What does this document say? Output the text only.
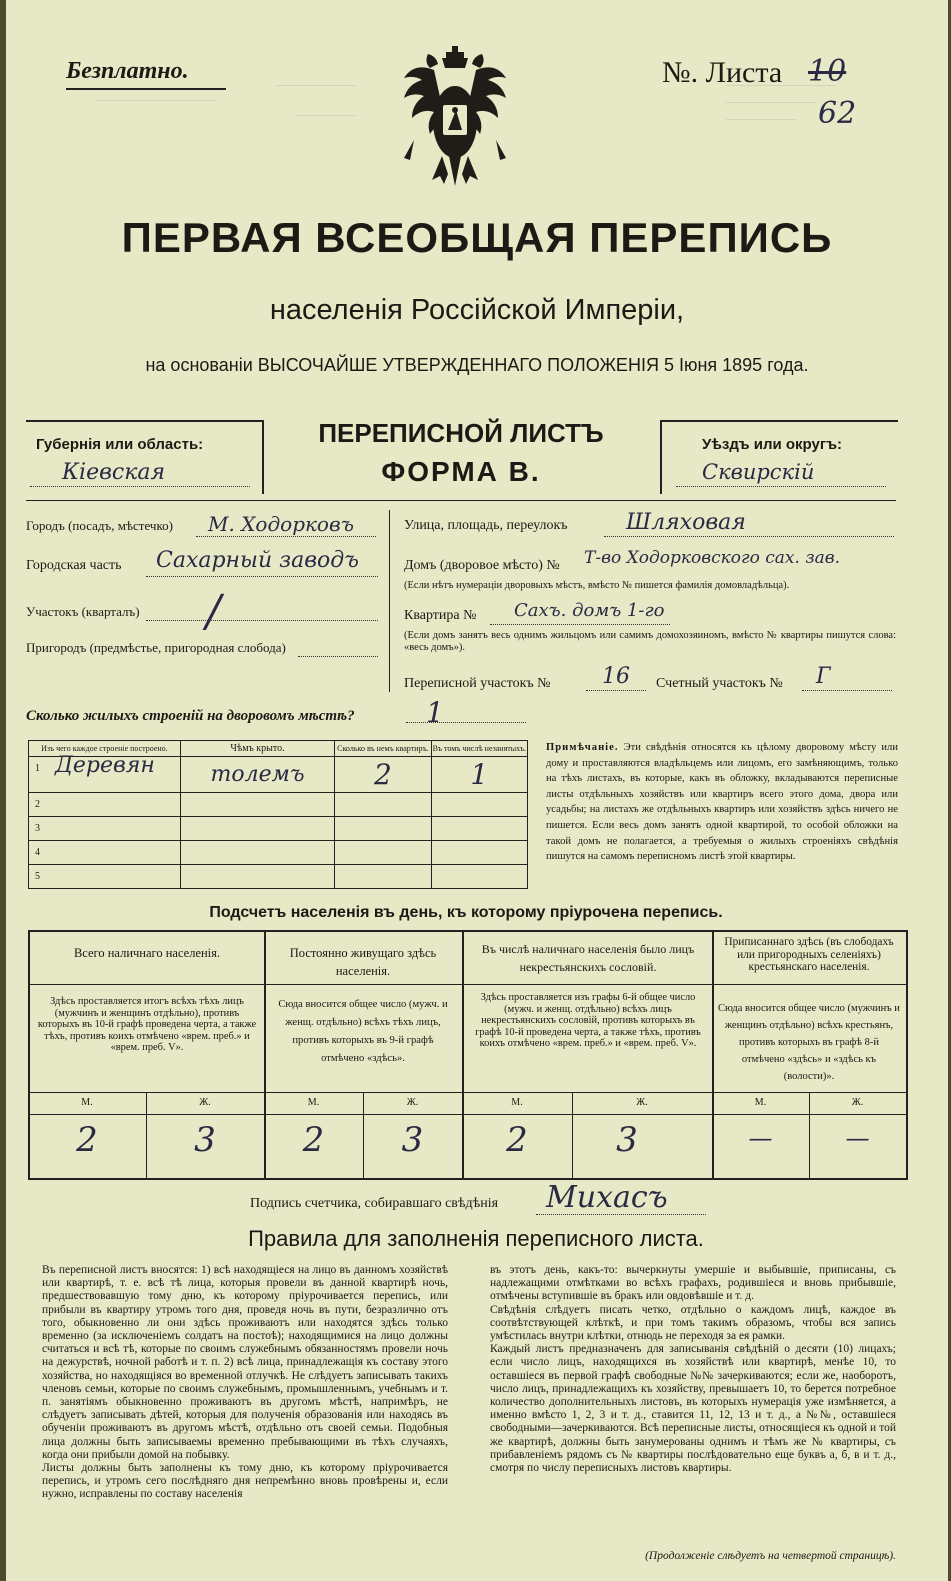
Безплатно.	№. Листа 10
62
ПЕРВАЯ ВСЕОБЩАЯ ПЕРЕПИСЬ
населенія Россійской Имперіи,
на основаніи ВЫСОЧАЙШЕ УТВЕРЖДЕННАГО ПОЛОЖЕНІЯ 5 Іюня 1895 года.
Губернія или область:
Кіевская
ПЕРЕПИСНОЙ ЛИСТЪ
ФОРМА В.
Уѣздъ или округъ:
Сквирскій
Городъ (посадъ, мѣстечко) М. Ходорковъ
Городская часть Сахарный заводъ
Участокъ (кварталъ) /
Пригородъ (предмѣстье, пригородная слобода)
Улица, площадь, переулокъ	Шляховая
Домъ (дворовое мѣсто) № Т-во Ходорковского сах. зав.
(Если нѣтъ нумераціи дворовыхъ мѣстъ, вмѣсто № пишется фамилія домовладѣльца).
Квартира № Сахъ. домъ 1-го
(Если домъ занятъ весь однимъ жильцомъ или самимъ домохозяиномъ, вмѣсто № квартиры пишутся слова: «весь домъ»).
Переписной участокъ № 16 Счетный участокъ № Г
Сколько жилыхъ строеній на дворовомъ мѣстѣ?	1
Изъ чего каждое строеніе построено.	Чѣмъ крыто.	Сколько въ немъ квартиръ.	Въ томъ числѣ незанятыхъ.

1 Деревян	толемъ	2	1
2			
3			
4			
5			
Примѣчаніе. Эти свѣдѣнія относятся къ цѣлому дворовому мѣсту или дому и проставляются владѣльцемъ или лицомъ, его замѣняющимъ, только на тѣхъ листахъ, въ которые, какъ въ обложку, вкладываются переписные листы отдѣльныхъ хозяйствъ или квартиръ всего этого дома, двора или усадьбы; на листахъ же отдѣльныхъ квартиръ или хозяйствъ здѣсь ничего не пишется. Если весь домъ занятъ одной квартирой, то особой обложки на такой домъ не полагается, а требуемыя о жилыхъ строеніяхъ свѣдѣнія пишутся на самомъ переписномъ листѣ этой квартиры.
Подсчетъ населенія въ день, къ которому пріурочена перепись.
Всего наличнаго населенія.
Здѣсь проставляется итогъ всѣхъ тѣхъ лицъ (мужчинъ и женщинъ отдѣльно), противъ которыхъ въ 10-й графѣ проведена черта, а также тѣхъ, противъ коихъ отмѣчено «врем. преб.» и «врем. преб. V».
Постоянно живущаго здѣсь населенія.
Сюда вносится общее число (мужч. и женщ. отдѣльно) всѣхъ тѣхъ лицъ, противъ которыхъ въ 9-й графѣ отмѣчено «здѣсь».
Въ числѣ наличнаго населенія было лицъ некрестьянскихъ сословій.
Здѣсь проставляется изъ графы 6-й общее число (мужч. и женщ. отдѣльно) всѣхъ лицъ некрестьянскихъ сословій, противъ которыхъ въ графѣ 10-й проведена черта, а также тѣхъ, противъ коихъ отмѣчено «врем. преб.» и «врем. преб. V».
Приписаннаго здѣсь (въ слободахъ или пригородныхъ селеніяхъ) крестьянскаго населенія.
Сюда вносится общее число (мужчинъ и женщинъ отдѣльно) всѣхъ крестьянъ, противъ которыхъ въ графѣ 8-й отмѣчено «здѣсь» и «здѣсь къ (волости)».
М.	Ж.	М.	Ж.	М.	Ж.	М.	Ж.
2	3	2	3	2	3	—	—
Подпись счетчика, собиравшаго свѣдѣнія Михасъ
Правила для заполненія переписного листа.
Въ переписной листъ вносятся: 1) всѣ находящіеся на лицо въ данномъ хозяйствѣ или квартирѣ, т. е. всѣ тѣ лица, которыя провели въ данной квартирѣ ночь, предшествовавшую тому дню, къ которому пріурочивается перепись, или прибыли въ квартиру утромъ того дня, проведя ночь въ пути, безразлично отъ того, обыкновенно ли они здѣсь проживаютъ или находятся здѣсь только временно (за исключеніемъ солдатъ на постоѣ); находящимися на лицо должны считаться и всѣ тѣ, которые по своимъ служебнымъ обязанностямъ провели ночь на дежурствѣ, ночной работѣ и т. п. 2) всѣ лица, принадлежащія къ составу этого хозяйства, но находящіяся во временной отлучкѣ. Не слѣдуетъ записывать такихъ членовъ семьи, которые по своимъ служебнымъ, промышленнымъ, учебнымъ и т. п. занятіямъ обыкновенно проживаютъ въ другомъ мѣстѣ, напримѣръ, не слѣдуетъ записывать дѣтей, которыя для полученія образованія или находясь въ обученіи проживаютъ въ другомъ мѣстѣ, отдѣльно отъ своей семьи. Подобныя лица должны быть записываемы временно пребывающими въ тѣхъ случаяхъ, когда они прибыли домой на побывку.
Листы должны быть заполнены къ тому дню, къ которому пріурочивается перепись, и утромъ сего послѣдняго дня непремѣнно вновь провѣрены и, если нужно, исправлены по составу населенія
въ этотъ день, какъ-то: вычеркнуты умершіе и выбывшіе, приписаны, съ надлежащими отмѣтками во всѣхъ графахъ, родившіеся и вновь прибывшіе, отмѣчены вступившіе въ бракъ или овдовѣвшіе и т. д.
Свѣдѣнія слѣдуетъ писать четко, отдѣльно о каждомъ лицѣ, каждое въ соотвѣтствующей клѣткѣ, и при томъ такимъ образомъ, чтобы вся запись умѣстилась внутри клѣтки, отнюдь не переходя за ея рамки.
Каждый листъ предназначенъ для записыванія свѣдѣній о десяти (10) лицахъ; если число лицъ, находящихся въ хозяйствѣ или квартирѣ, менѣе 10, то оставшіеся въ первой графѣ свободные №№ зачеркиваются; если же, наоборотъ, число лицъ, принадлежащихъ къ хозяйству, превышаетъ 10, то берется потребное количество дополнительныхъ листовъ, въ которыхъ нумерація уже измѣняется, а именно вмѣсто 1, 2, 3 и т. д., ставится 11, 12, 13 и т. д., а №№, оставшіеся свободными—зачеркиваются. Всѣ переписные листы, относящіеся къ одной и той же квартирѣ, должны быть занумерованы однимъ и тѣмъ же № квартиры, съ прибавленіемъ рядомъ съ № квартиры послѣдовательно еще буквъ а, б, в и т. д., смотря по числу переписныхъ листовъ квартиры.
(Продолженіе слѣдуетъ на четвертой страницѣ).
